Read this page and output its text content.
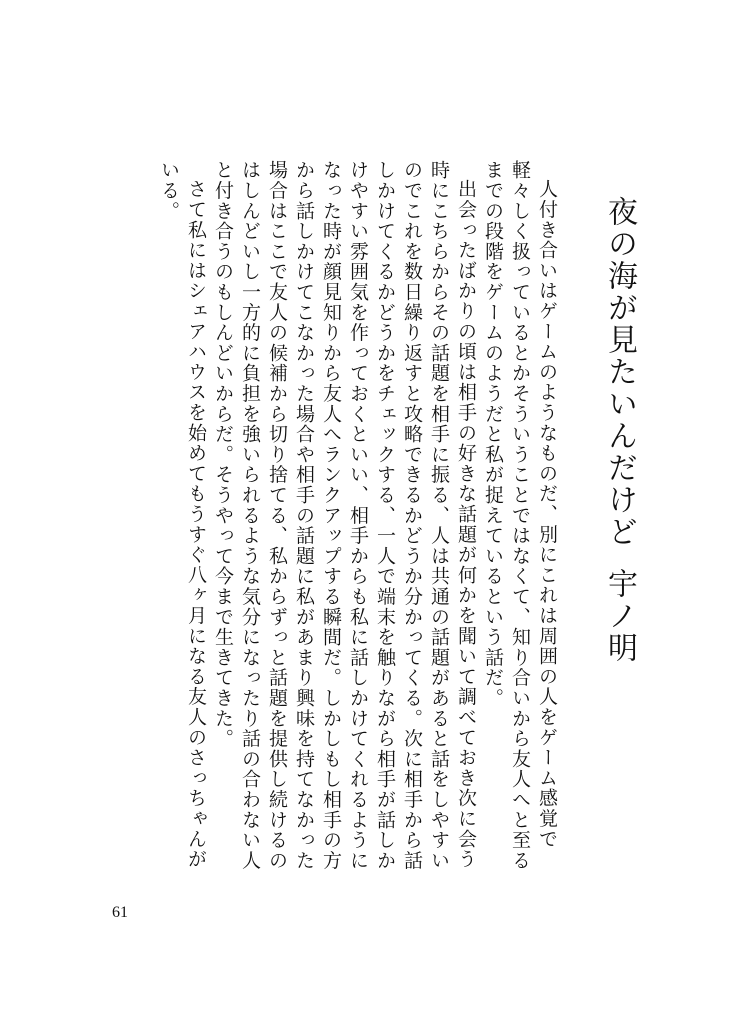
夜の海が見たいんだけど
宇ノ明

人付き合いはゲームのようなものだ、別にこれは周囲の人をゲーム感覚で軽々しく扱っているとかそういうことではなくて、知り合いから友人へと至るまでの段階をゲームのようだと私が捉えているという話だ。

出会ったばかりの頃は相手の好きな話題が何かを聞いて調べておき次に会う時にこちらからその話題を相手に振る、人は共通の話題があると話をしやすいのでこれを数日繰り返すと攻略できるかどうか分かってくる。次に相手から話しかけてくるかどうかをチェックする、一人で端末を触りながら相手が話しかけやすい雰囲気を作っておくといい、相手からも私に話しかけてくれるようになった時が顔見知りから友人へランクアップする瞬間だ。しかしもし相手の方から話しかけてこなかった場合や相手の話題に私があまり興味を持てなかった場合はここで友人の候補から切り捨てる、私からずっと話題を提供し続けるのはしんどいし一方的に負担を強いられるような気分になったり話の合わない人と付き合うのもしんどいからだ。そうやって今まで生きてきた。

さて私にはシェアハウスを始めてもうすぐ八ヶ月になる友人のさっちゃんがいる。

61
